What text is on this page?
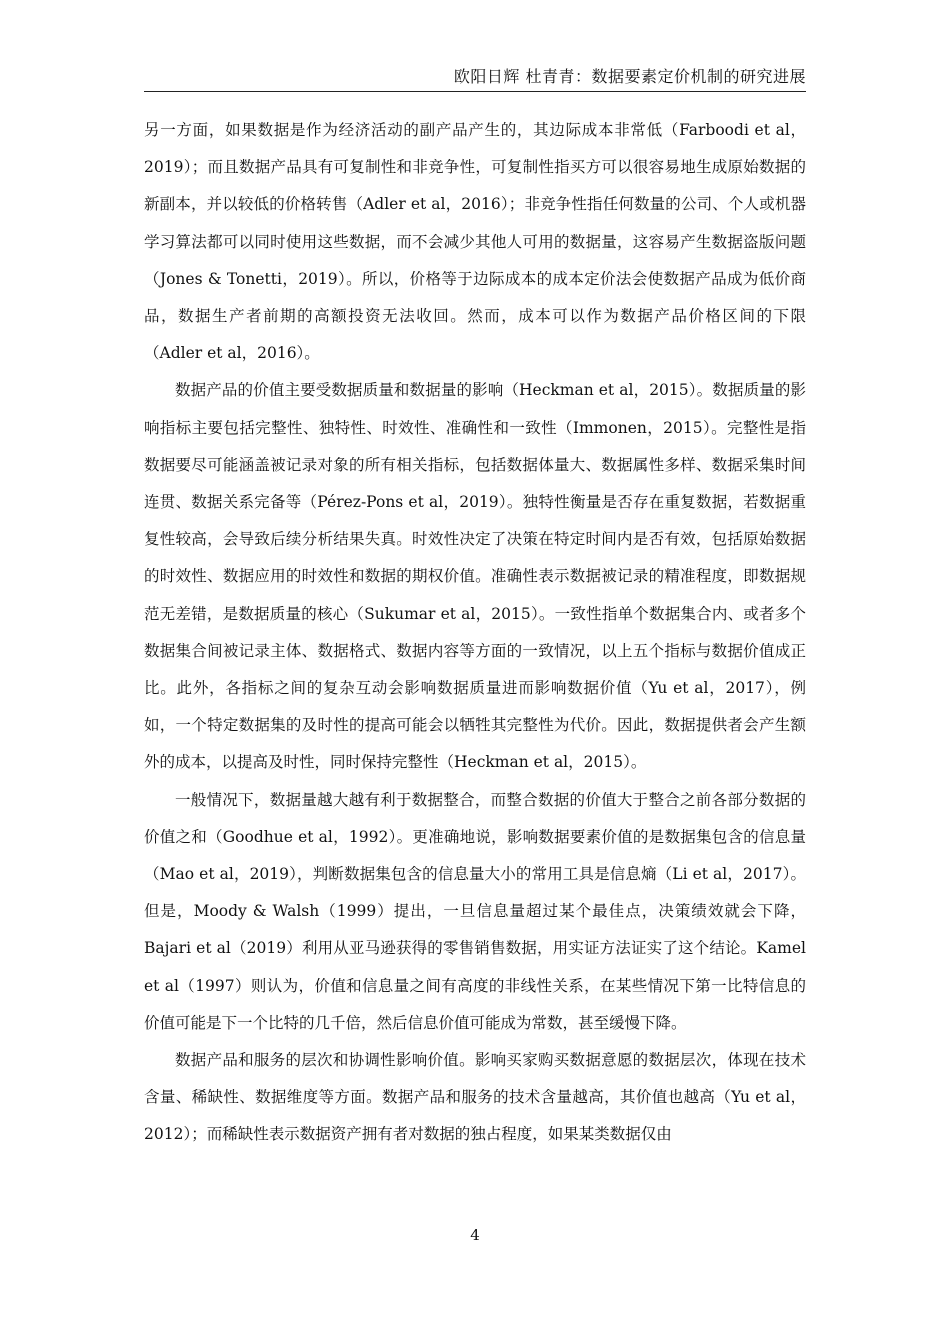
欧阳日辉 杜青青：数据要素定价机制的研究进展

另一方面，如果数据是作为经济活动的副产品产生的，其边际成本非常低（Farboodi et al，2019）；而且数据产品具有可复制性和非竞争性，可复制性指买方可以很容易地生成原始数据的新副本，并以较低的价格转售（Adler et al，2016）；非竞争性指任何数量的公司、个人或机器学习算法都可以同时使用这些数据，而不会减少其他人可用的数据量，这容易产生数据盗版问题（Jones & Tonetti，2019）。所以，价格等于边际成本的成本定价法会使数据产品成为低价商品，数据生产者前期的高额投资无法收回。然而，成本可以作为数据产品价格区间的下限（Adler et al，2016）。

数据产品的价值主要受数据质量和数据量的影响（Heckman et al，2015）。数据质量的影响指标主要包括完整性、独特性、时效性、准确性和一致性（Immonen，2015）。完整性是指数据要尽可能涵盖被记录对象的所有相关指标，包括数据体量大、数据属性多样、数据采集时间连贯、数据关系完备等（Pérez-Pons et al，2019）。独特性衡量是否存在重复数据，若数据重复性较高，会导致后续分析结果失真。时效性决定了决策在特定时间内是否有效，包括原始数据的时效性、数据应用的时效性和数据的期权价值。准确性表示数据被记录的精准程度，即数据规范无差错，是数据质量的核心（Sukumar et al，2015）。一致性指单个数据集合内、或者多个数据集合间被记录主体、数据格式、数据内容等方面的一致情况，以上五个指标与数据价值成正比。此外，各指标之间的复杂互动会影响数据质量进而影响数据价值（Yu et al，2017），例如，一个特定数据集的及时性的提高可能会以牺牲其完整性为代价。因此，数据提供者会产生额外的成本，以提高及时性，同时保持完整性（Heckman et al，2015）。

一般情况下，数据量越大越有利于数据整合，而整合数据的价值大于整合之前各部分数据的价值之和（Goodhue et al，1992）。更准确地说，影响数据要素价值的是数据集包含的信息量（Mao et al，2019），判断数据集包含的信息量大小的常用工具是信息熵（Li et al，2017）。但是，Moody & Walsh（1999）提出，一旦信息量超过某个最佳点，决策绩效就会下降，Bajari et al（2019）利用从亚马逊获得的零售销售数据，用实证方法证实了这个结论。Kamel et al（1997）则认为，价值和信息量之间有高度的非线性关系，在某些情况下第一比特信息的价值可能是下一个比特的几千倍，然后信息价值可能成为常数，甚至缓慢下降。

数据产品和服务的层次和协调性影响价值。影响买家购买数据意愿的数据层次，体现在技术含量、稀缺性、数据维度等方面。数据产品和服务的技术含量越高，其价值也越高（Yu et al，2012）；而稀缺性表示数据资产拥有者对数据的独占程度，如果某类数据仅由

4
